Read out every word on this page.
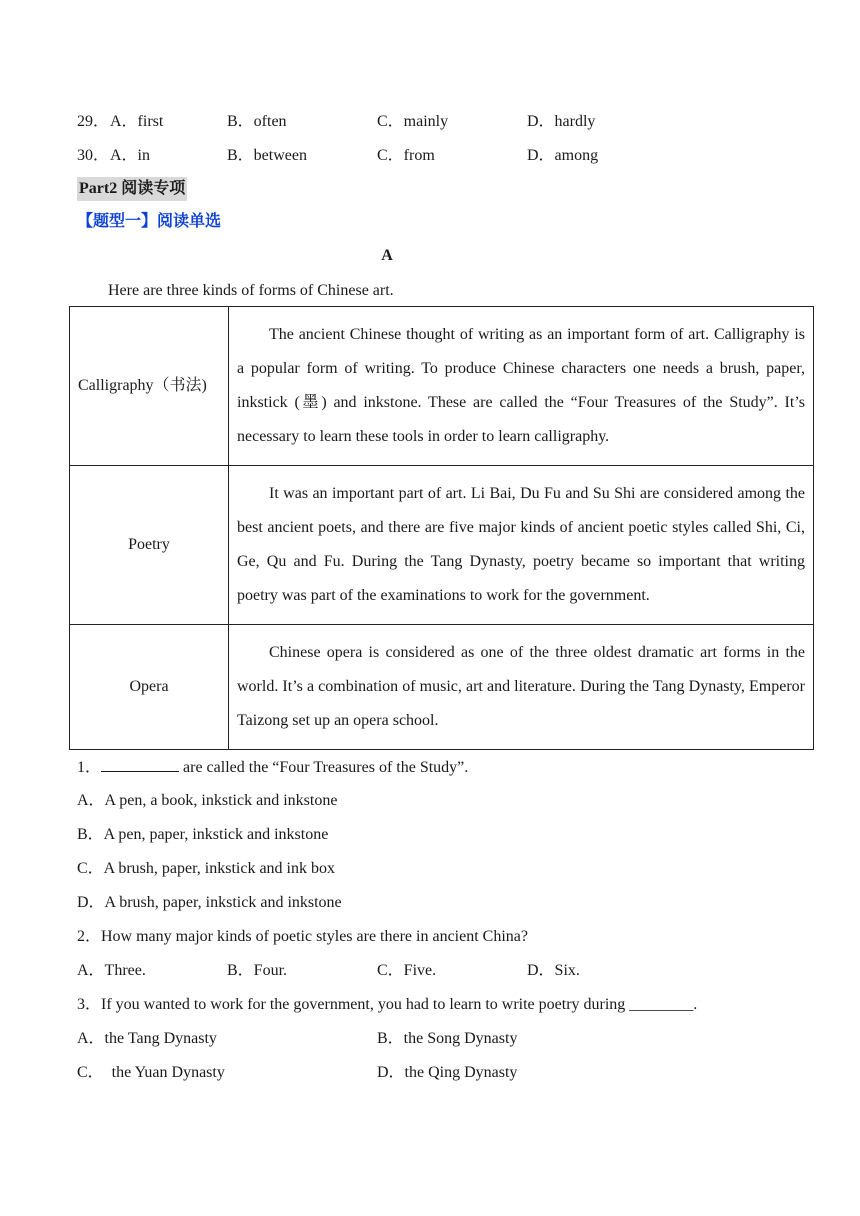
29． A．first	B．often	C．mainly	D．hardly
30． A．in	B．between	C．from	D．among
Part2 阅读专项
【题型一】阅读单选
A
Here are three kinds of forms of Chinese art.
Calligraphy（书法)	The ancient Chinese thought of writing as an important form of art. Calligraphy is a popular form of writing. To produce Chinese characters one needs a brush, paper, inkstick (墨) and inkstone. These are called the “Four Treasures of the Study”. It’s necessary to learn these tools in order to learn calligraphy.
Poetry	It was an important part of art. Li Bai, Du Fu and Su Shi are considered among the best ancient poets, and there are five major kinds of ancient poetic styles called Shi, Ci, Ge, Qu and Fu. During the Tang Dynasty, poetry became so important that writing poetry was part of the examinations to work for the government.
Opera	Chinese opera is considered as one of the three oldest dramatic art forms in the world. It’s a combination of music, art and literature. During the Tang Dynasty, Emperor Taizong set up an opera school.
1．	are called the “Four Treasures of the Study”.
A．A pen, a book, inkstick and inkstone
B．A pen, paper, inkstick and inkstone
C．A brush, paper, inkstick and ink box
D．A brush, paper, inkstick and inkstone
2．How many major kinds of poetic styles are there in ancient China?
A．Three.	B．Four.	C．Five.	D．Six.
3．If you wanted to work for the government, you had to learn to write poetry during ________.
A．the Tang Dynasty	B．the Song Dynasty
C．  the Yuan Dynasty	D．the Qing Dynasty
